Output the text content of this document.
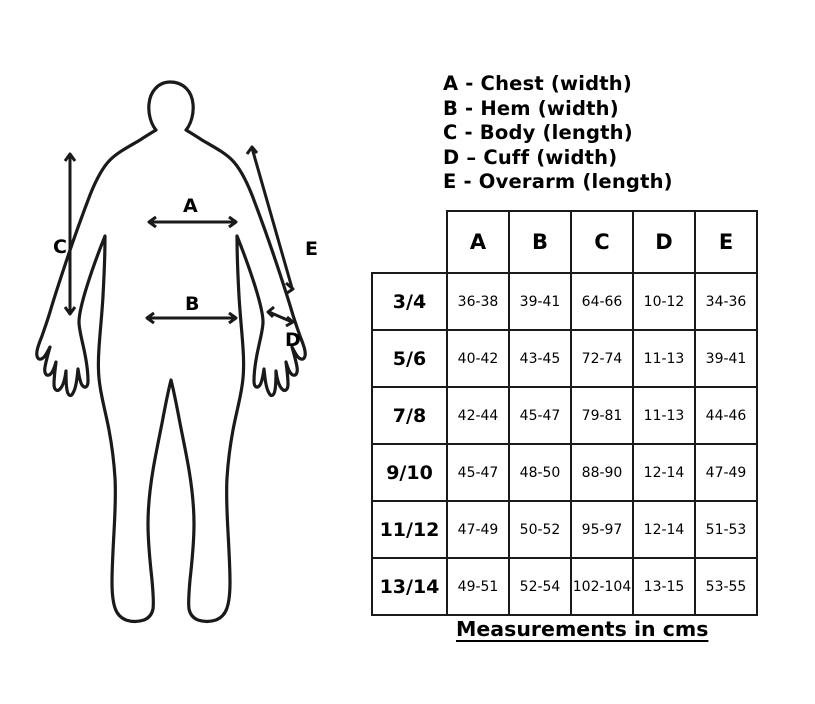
A
B
C
D
E
A - Chest (width)
B - Hem (width)
C - Body (length)
D – Cuff (width)
E - Overarm (length)
	A	B	C	D	E
3/4	36-38	39-41	64-66	10-12	34-36
5/6	40-42	43-45	72-74	11-13	39-41
7/8	42-44	45-47	79-81	11-13	44-46
9/10	45-47	48-50	88-90	12-14	47-49
11/12	47-49	50-52	95-97	12-14	51-53
13/14	49-51	52-54	102-104	13-15	53-55
Measurements in cms
